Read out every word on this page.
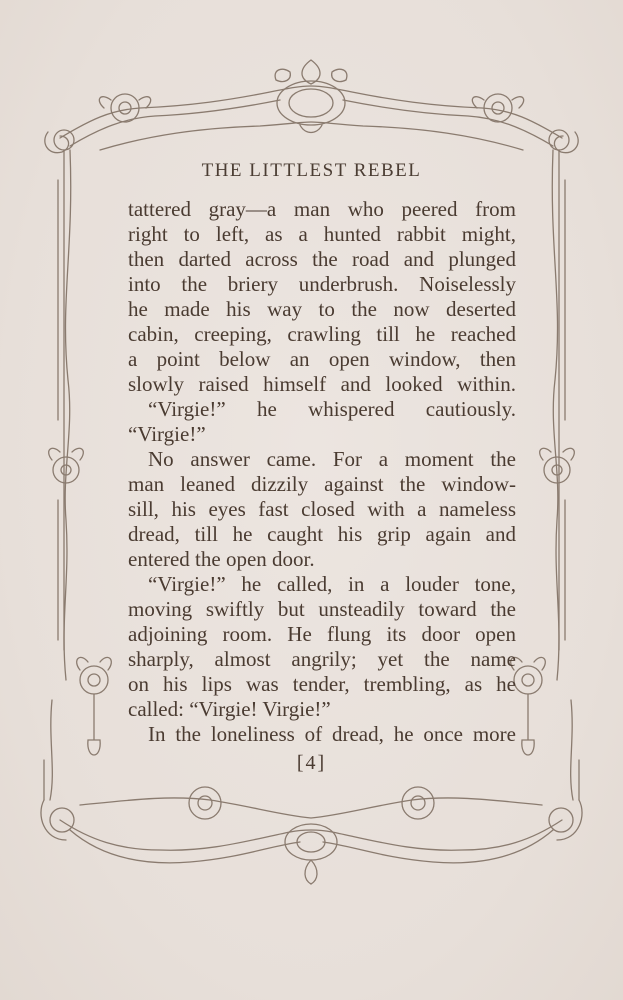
THE LITTLEST REBEL
tattered gray—a man who peered from
right to left, as a hunted rabbit might,
then darted across the road and plunged
into the briery underbrush. Noiselessly
he made his way to the now deserted
cabin, creeping, crawling till he reached
a point below an open window, then
slowly raised himself and looked within.
“Virgie!” he whispered cautiously.
“Virgie!”
No answer came. For a moment the
man leaned dizzily against the window-
sill, his eyes fast closed with a nameless
dread, till he caught his grip again and
entered the open door.
“Virgie!” he called, in a louder tone,
moving swiftly but unsteadily toward the
adjoining room. He flung its door open
sharply, almost angrily; yet the name
on his lips was tender, trembling, as he
called: “Virgie! Virgie!”
In the loneliness of dread, he once more
[4]
